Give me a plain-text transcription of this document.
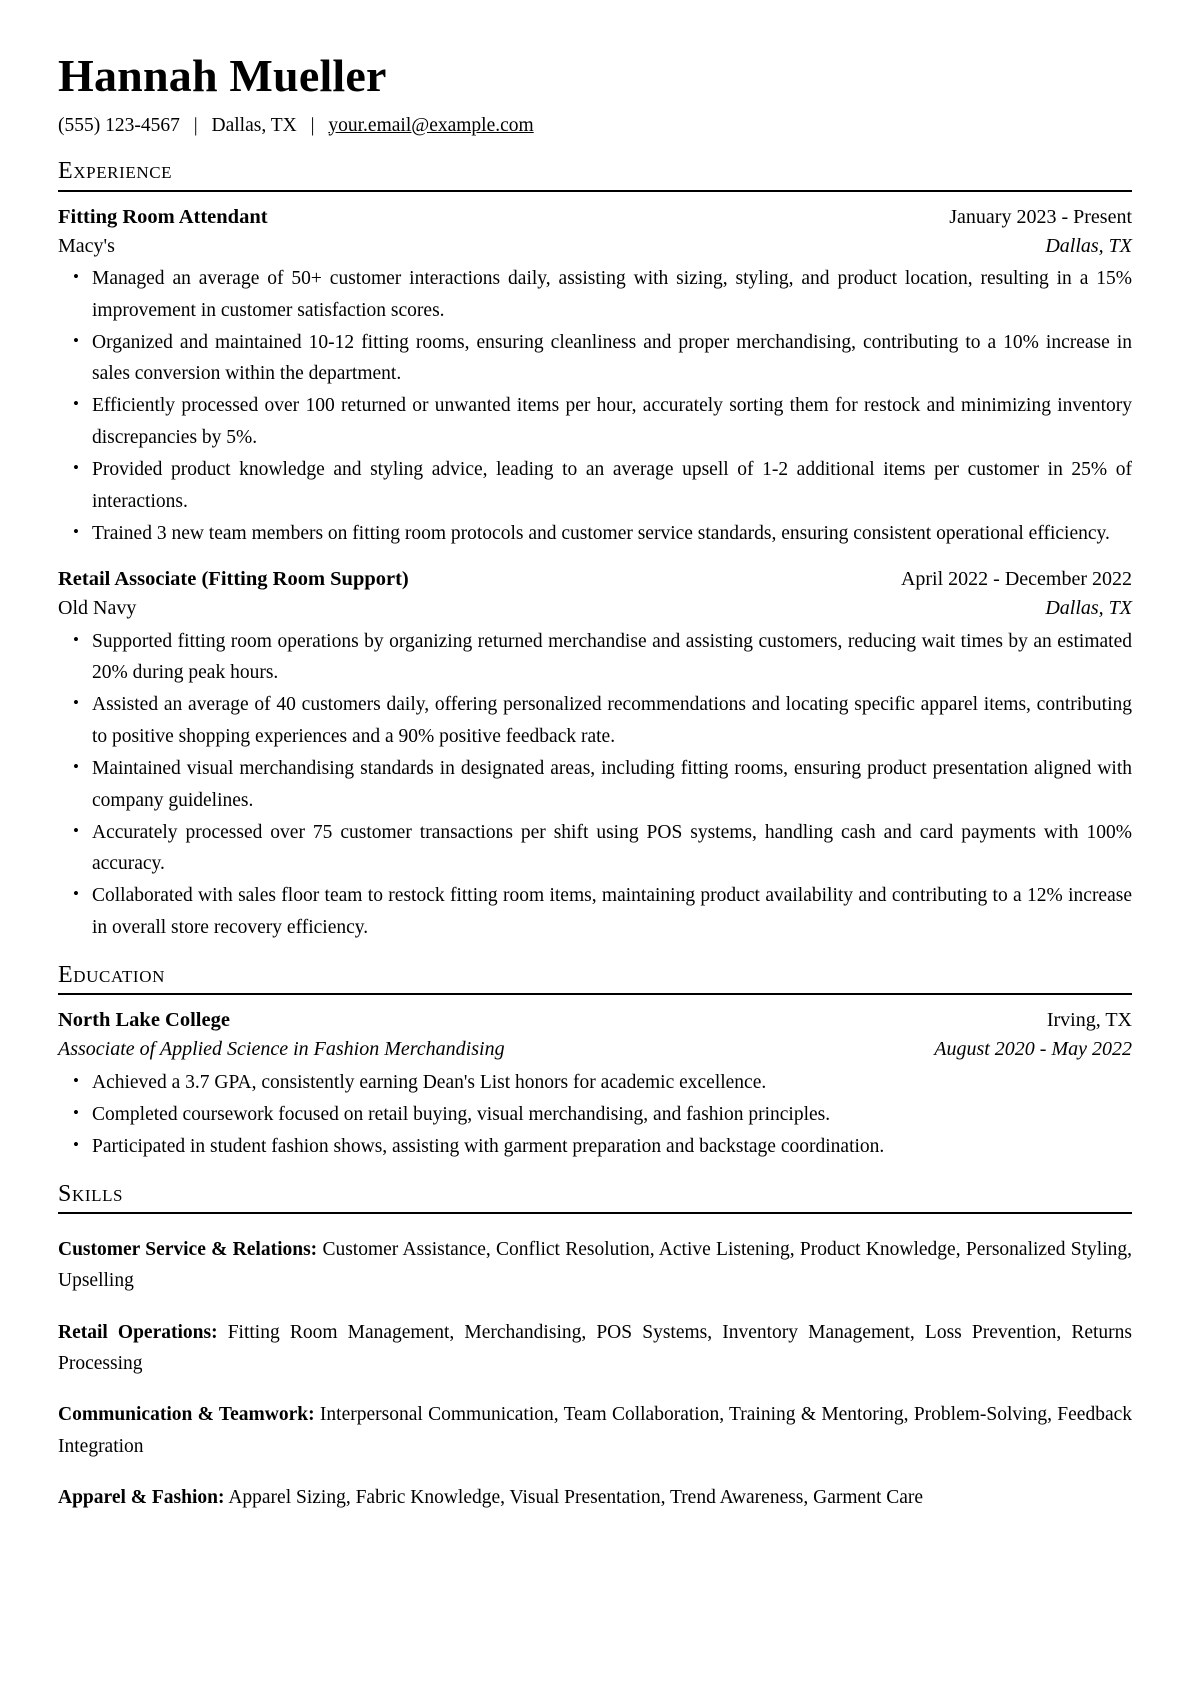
Hannah Mueller
(555) 123-4567 | Dallas, TX | your.email@example.com
Experience
Fitting Room Attendant	January 2023 - Present
Macy's	Dallas, TX
• Managed an average of 50+ customer interactions daily, assisting with sizing, styling, and product location, resulting in a 15% improvement in customer satisfaction scores.
• Organized and maintained 10-12 fitting rooms, ensuring cleanliness and proper merchandising, contributing to a 10% increase in sales conversion within the department.
• Efficiently processed over 100 returned or unwanted items per hour, accurately sorting them for restock and minimizing inventory discrepancies by 5%.
• Provided product knowledge and styling advice, leading to an average upsell of 1-2 additional items per customer in 25% of interactions.
• Trained 3 new team members on fitting room protocols and customer service standards, ensuring consistent operational efficiency.
Retail Associate (Fitting Room Support)	April 2022 - December 2022
Old Navy	Dallas, TX
• Supported fitting room operations by organizing returned merchandise and assisting customers, reducing wait times by an estimated 20% during peak hours.
• Assisted an average of 40 customers daily, offering personalized recommendations and locating specific apparel items, contributing to positive shopping experiences and a 90% positive feedback rate.
• Maintained visual merchandising standards in designated areas, including fitting rooms, ensuring product presentation aligned with company guidelines.
• Accurately processed over 75 customer transactions per shift using POS systems, handling cash and card payments with 100% accuracy.
• Collaborated with sales floor team to restock fitting room items, maintaining product availability and contributing to a 12% increase in overall store recovery efficiency.
Education
North Lake College	Irving, TX
Associate of Applied Science in Fashion Merchandising	August 2020 - May 2022
• Achieved a 3.7 GPA, consistently earning Dean's List honors for academic excellence.
• Completed coursework focused on retail buying, visual merchandising, and fashion principles.
• Participated in student fashion shows, assisting with garment preparation and backstage coordination.
Skills

Customer Service & Relations: Customer Assistance, Conflict Resolution, Active Listening, Product Knowledge, Personalized Styling, Upselling

Retail Operations: Fitting Room Management, Merchandising, POS Systems, Inventory Management, Loss Prevention, Returns Processing

Communication & Teamwork: Interpersonal Communication, Team Collaboration, Training & Mentoring, Problem-Solving, Feedback Integration

Apparel & Fashion: Apparel Sizing, Fabric Knowledge, Visual Presentation, Trend Awareness, Garment Care
